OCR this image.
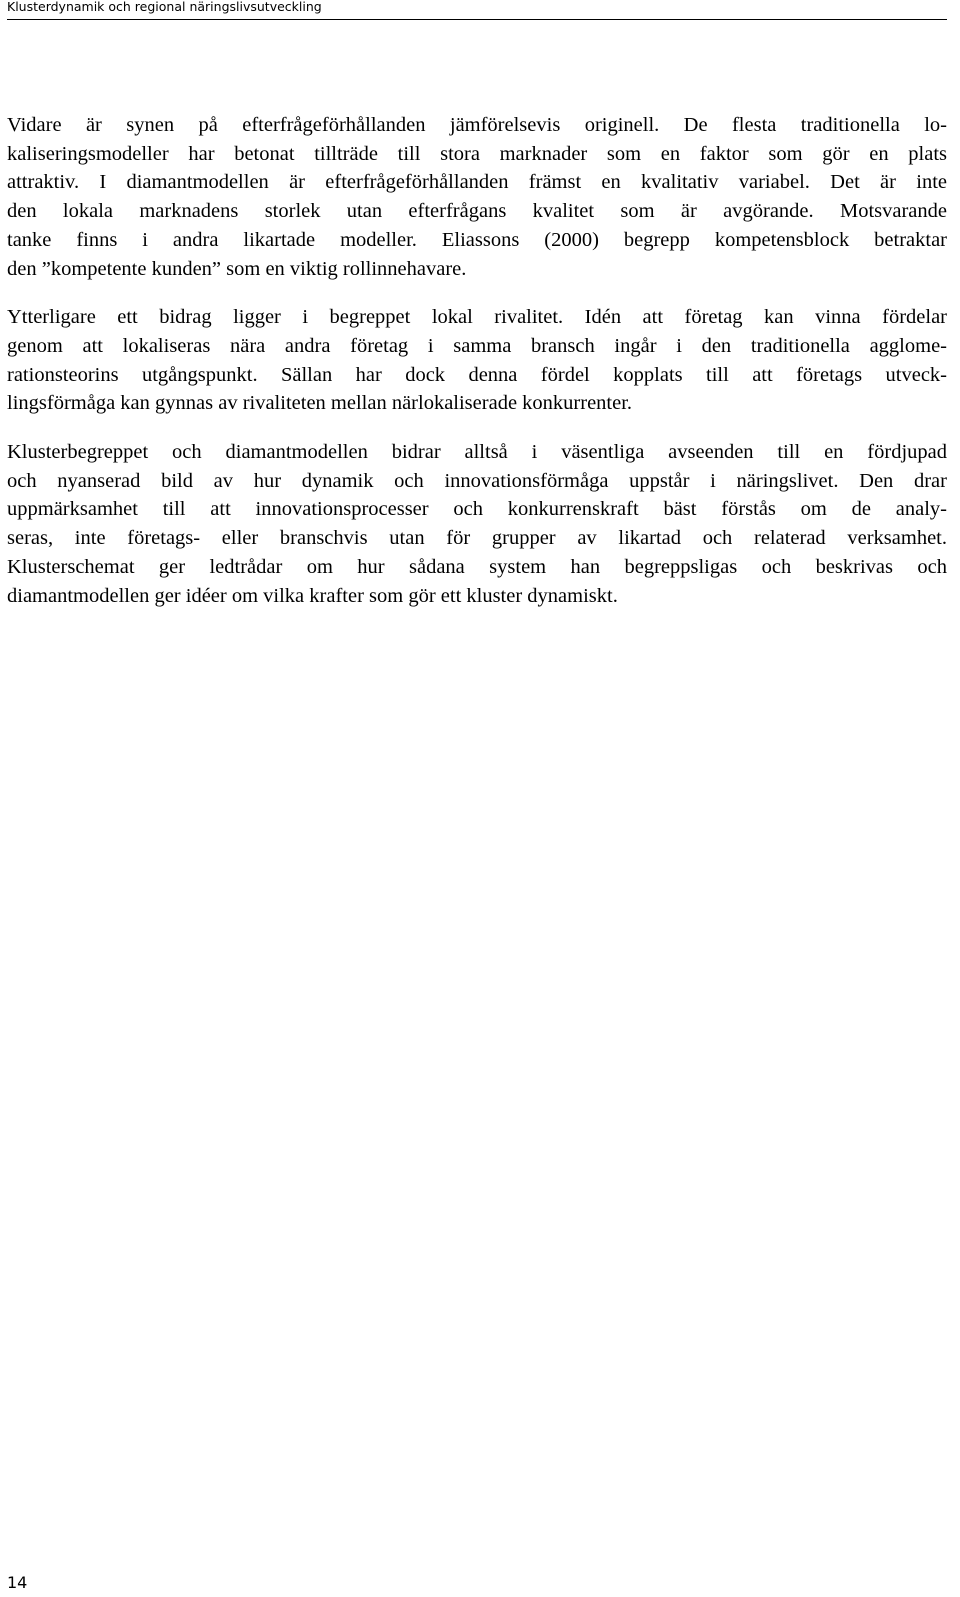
Klusterdynamik och regional näringslivsutveckling
Vidare är synen på efterfrågeförhållanden jämförelsevis originell. De flesta traditionella lo-
kaliseringsmodeller har betonat tillträde till stora marknader som en faktor som gör en plats
attraktiv. I diamantmodellen är efterfrågeförhållanden främst en kvalitativ variabel. Det är inte
den lokala marknadens storlek utan efterfrågans kvalitet som är avgörande. Motsvarande
tanke finns i andra likartade modeller. Eliassons (2000) begrepp kompetensblock betraktar
den ”kompetente kunden” som en viktig rollinnehavare.
Ytterligare ett bidrag ligger i begreppet lokal rivalitet. Idén att företag kan vinna fördelar
genom att lokaliseras nära andra företag i samma bransch ingår i den traditionella agglome-
rationsteorins utgångspunkt. Sällan har dock denna fördel kopplats till att företags utveck-
lingsförmåga kan gynnas av rivaliteten mellan närlokaliserade konkurrenter.
Klusterbegreppet och diamantmodellen bidrar alltså i väsentliga avseenden till en fördjupad
och nyanserad bild av hur dynamik och innovationsförmåga uppstår i näringslivet. Den drar
uppmärksamhet till att innovationsprocesser och konkurrenskraft bäst förstås om de analy-
seras, inte företags- eller branschvis utan för grupper av likartad och relaterad verksamhet.
Klusterschemat ger ledtrådar om hur sådana system han begreppsligas och beskrivas och
diamantmodellen ger idéer om vilka krafter som gör ett kluster dynamiskt.
14
